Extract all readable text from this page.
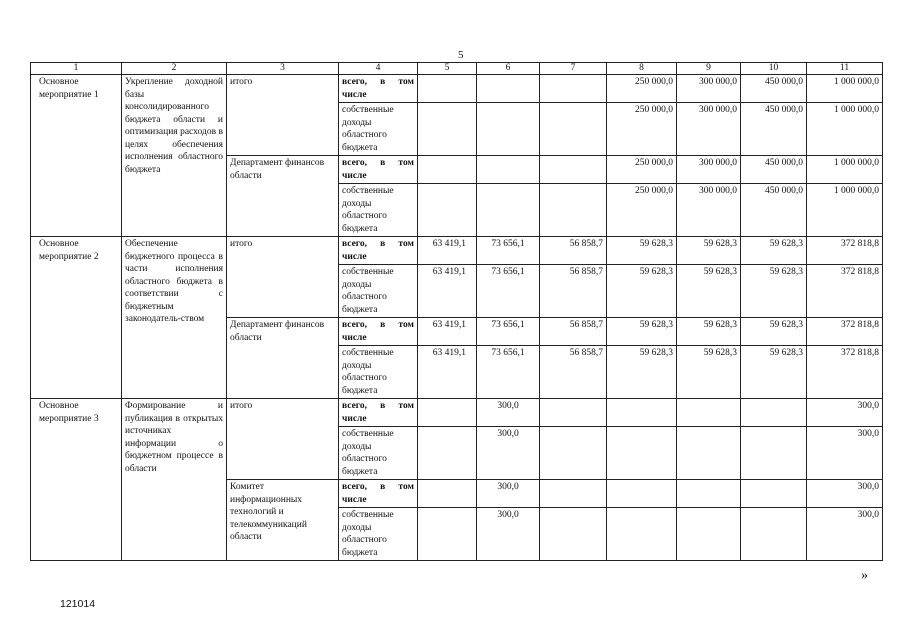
5
1	2	3	4	5	6	7	8	9	10	11
Основное мероприятие 1	Укрепление доходной базы консолидированного бюджета области и оптимизация расходов в целях обеспечения исполнения областного бюджета	итого	всего, в том числе				250 000,0	300 000,0	450 000,0	1 000 000,0
			собственные доходы областного бюджета				250 000,0	300 000,0	450 000,0	1 000 000,0
		Департамент финансов области	всего, в том числе				250 000,0	300 000,0	450 000,0	1 000 000,0
			собственные доходы областного бюджета				250 000,0	300 000,0	450 000,0	1 000 000,0
Основное мероприятие 2	Обеспечение бюджетного процесса в части исполнения областного бюджета в соответствии с бюджетным законодатель-ством	итого	всего, в том числе	63 419,1	73 656,1	56 858,7	59 628,3	59 628,3	59 628,3	372 818,8
			собственные доходы областного бюджета	63 419,1	73 656,1	56 858,7	59 628,3	59 628,3	59 628,3	372 818,8
		Департамент финансов области	всего, в том числе	63 419,1	73 656,1	56 858,7	59 628,3	59 628,3	59 628,3	372 818,8
			собственные доходы областного бюджета	63 419,1	73 656,1	56 858,7	59 628,3	59 628,3	59 628,3	372 818,8
Основное мероприятие 3	Формирование и публикация в открытых источниках информации о бюджетном процессе в области	итого	всего, в том числе		300,0					300,0
			собственные доходы областного бюджета		300,0					300,0
		Комитет информационных технологий и телекоммуникаций области	всего, в том числе		300,0					300,0
			собственные доходы областного бюджета		300,0					300,0
·
»
121014
